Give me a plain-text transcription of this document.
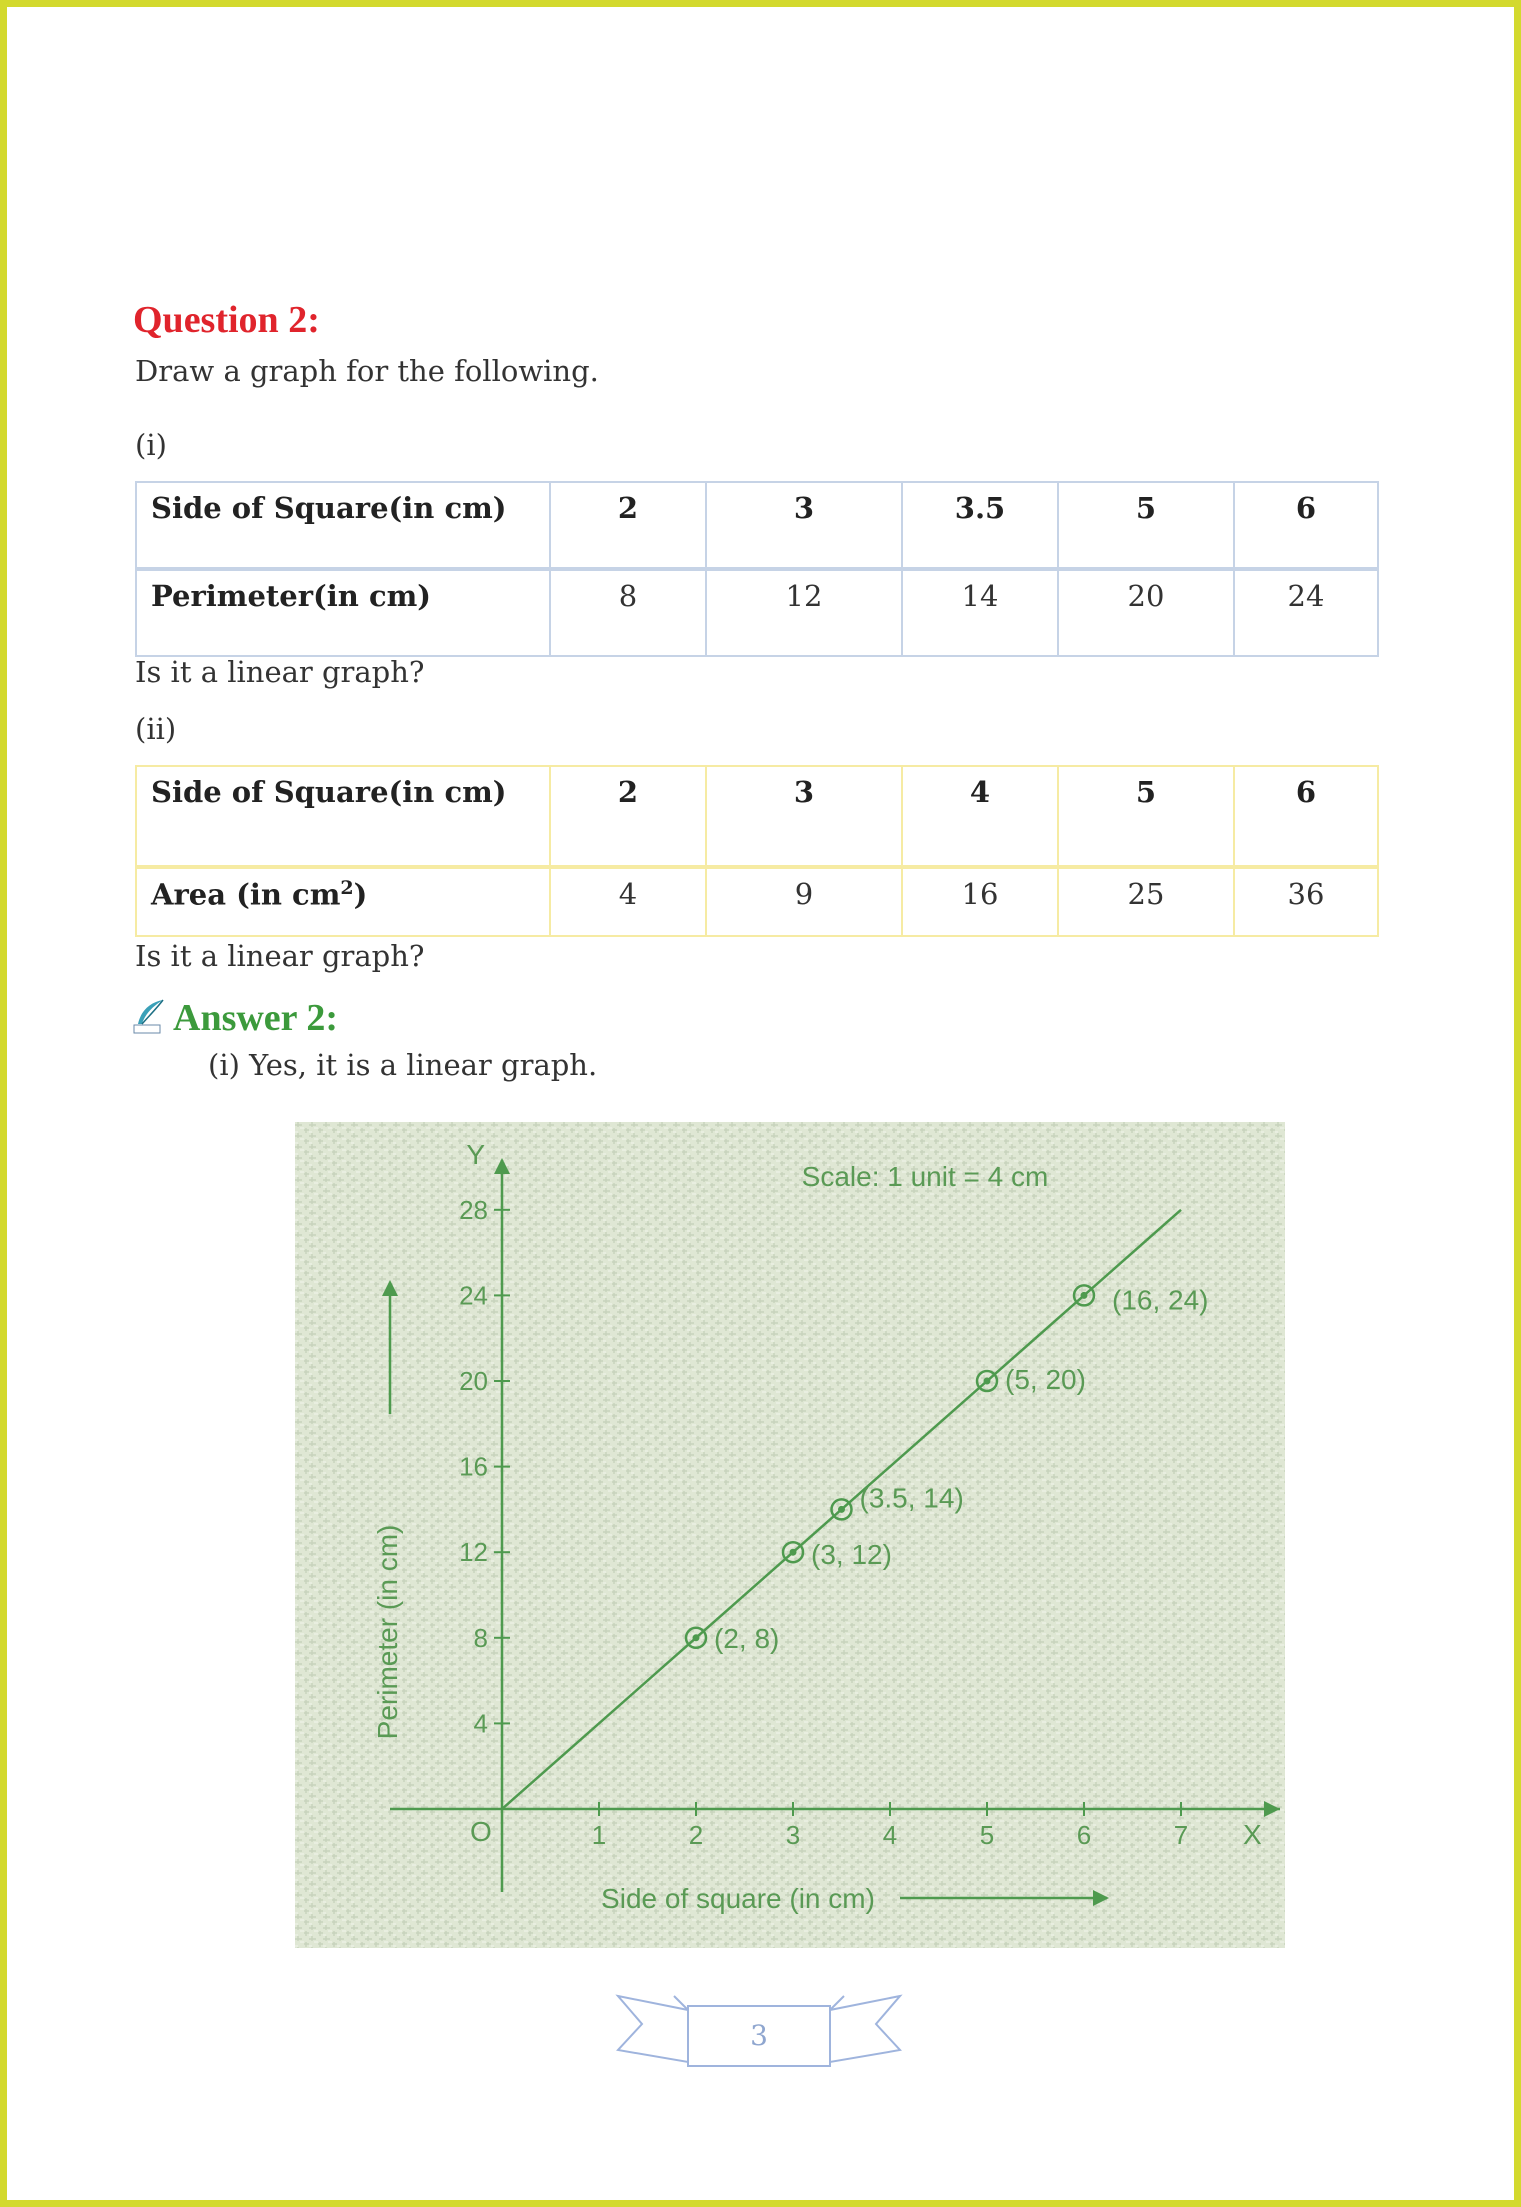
Question 2:
Draw a graph for the following.
(i)
Side of Square(in cm)	2	3	3.5	5	6
Perimeter(in cm)	8	12	14	20	24
Is it a linear graph?
(ii)
Side of Square(in cm)	2	3	4	5	6
Area (in $cm^2$)	4	9	16	25	36
Is it a linear graph?
Answer 2:
(i) Yes, it is a linear graph.
1	2	3	4	5	6	7
4
8
12
16
20
24
28
Y
X
O
Scale: 1 unit = 4 cm
Side of square (in cm)
Perimeter (in cm)	(2, 8)
(3, 12)
(3.5, 14)
(5, 20)
(16, 24)
3
